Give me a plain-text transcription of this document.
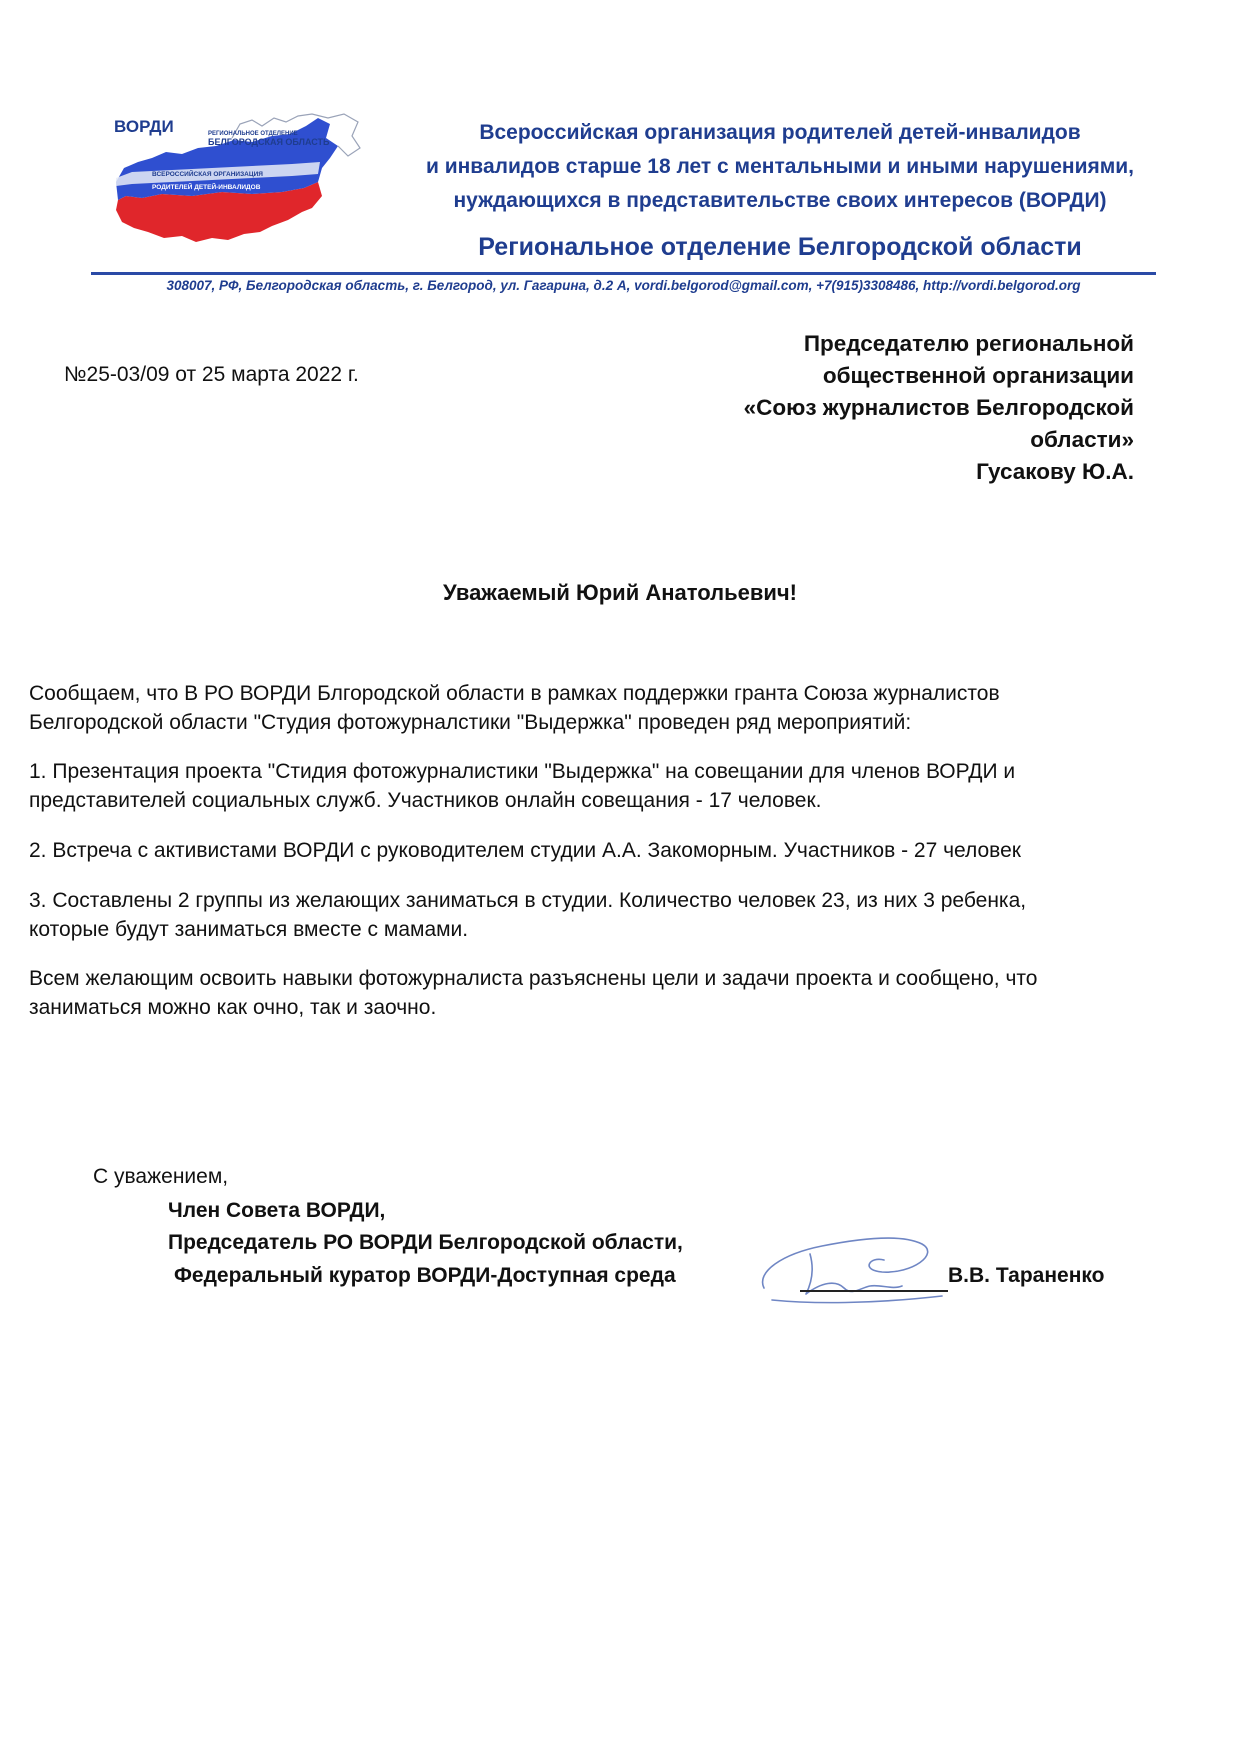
ВОРДИ	РЕГИОНАЛЬНОЕ ОТДЕЛЕНИЕ
БЕЛГОРОДСКАЯ ОБЛАСТЬ
ВСЕРОССИЙСКАЯ ОРГАНИЗАЦИЯ
РОДИТЕЛЕЙ ДЕТЕЙ-ИНВАЛИДОВ
Всероссийская организация родителей детей-инвалидов
и инвалидов старше 18 лет с ментальными и иными нарушениями,
нуждающихся в представительстве своих интересов (ВОРДИ)
Региональное отделение Белгородской области
308007, РФ, Белгородская область, г. Белгород, ул. Гагарина, д.2 А, vordi.belgorod@gmail.com, +7(915)3308486, http://vordi.belgorod.org
№25-03/09 от 25 марта 2022 г.
Председателю региональной
общественной организации
«Союз журналистов Белгородской
области»
Гусакову Ю.А.
Уважаемый Юрий Анатольевич!
Сообщаем, что В РО ВОРДИ Блгородской области в рамках поддержки гранта Союза журналистов
Белгородской области "Студия фотожурналстики "Выдержка" проведен ряд мероприятий:
1. Презентация проекта "Стидия фотожурналистики "Выдержка" на совещании для членов ВОРДИ и
представителей социальных служб. Участников онлайн совещания - 17 человек.
2. Встреча с активистами ВОРДИ с руководителем студии А.А. Закоморным. Участников - 27 человек
3. Составлены 2 группы из желающих заниматься в студии. Количество человек 23, из них 3 ребенка,
которые будут заниматься вместе с мамами.
Всем желающим освоить навыки фотожурналиста разъяснены цели и задачи проекта и сообщено, что
заниматься можно как очно, так и заочно.
С уважением,
Член Совета ВОРДИ,
Председатель РО ВОРДИ Белгородской области,
Федеральный куратор ВОРДИ-Доступная среда	В.В. Тараненко
